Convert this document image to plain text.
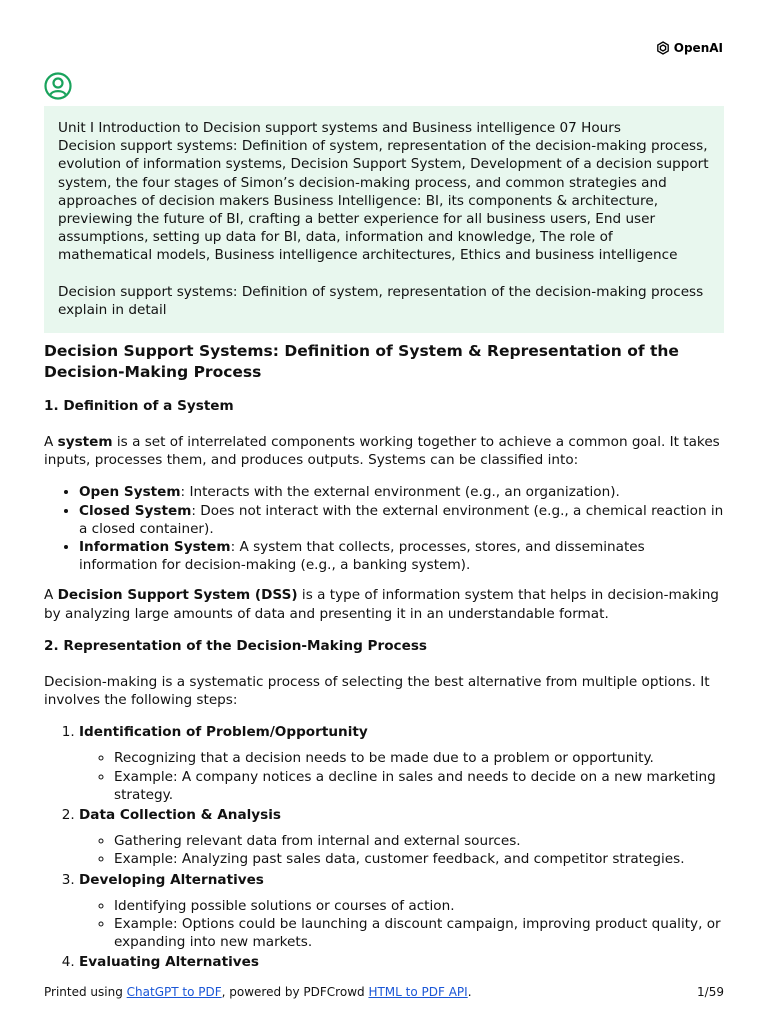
OpenAI

Unit I Introduction to Decision support systems and Business intelligence 07 Hours
Decision support systems: Definition of system, representation of the decision-making process, evolution of information systems, Decision Support System, Development of a decision support system, the four stages of Simon’s decision-making process, and common strategies and approaches of decision makers Business Intelligence: BI, its components & architecture, previewing the future of BI, crafting a better experience for all business users, End user assumptions, setting up data for BI, data, information and knowledge, The role of mathematical models, Business intelligence architectures, Ethics and business intelligence

Decision support systems: Definition of system, representation of the decision-making process explain in detail

Decision Support Systems: Definition of System & Representation of the Decision-Making Process
1. Definition of a System

A system is a set of interrelated components working together to achieve a common goal. It takes inputs, processes them, and produces outputs. Systems can be classified into:

• Open System: Interacts with the external environment (e.g., an organization).
• Closed System: Does not interact with the external environment (e.g., a chemical reaction in a closed container).
• Information System: A system that collects, processes, stores, and disseminates information for decision-making (e.g., a banking system).

A Decision Support System (DSS) is a type of information system that helps in decision-making by analyzing large amounts of data and presenting it in an understandable format.

2. Representation of the Decision-Making Process

Decision-making is a systematic process of selecting the best alternative from multiple options. It involves the following steps:

1. Identification of Problem/Opportunity
◦ Recognizing that a decision needs to be made due to a problem or opportunity.
◦ Example: A company notices a decline in sales and needs to decide on a new marketing strategy.
2. Data Collection & Analysis
◦ Gathering relevant data from internal and external sources.
◦ Example: Analyzing past sales data, customer feedback, and competitor strategies.
3. Developing Alternatives
◦ Identifying possible solutions or courses of action.
◦ Example: Options could be launching a discount campaign, improving product quality, or expanding into new markets.
4. Evaluating Alternatives
Printed using ChatGPT to PDF, powered by PDFCrowd HTML to PDF API.	1/59
